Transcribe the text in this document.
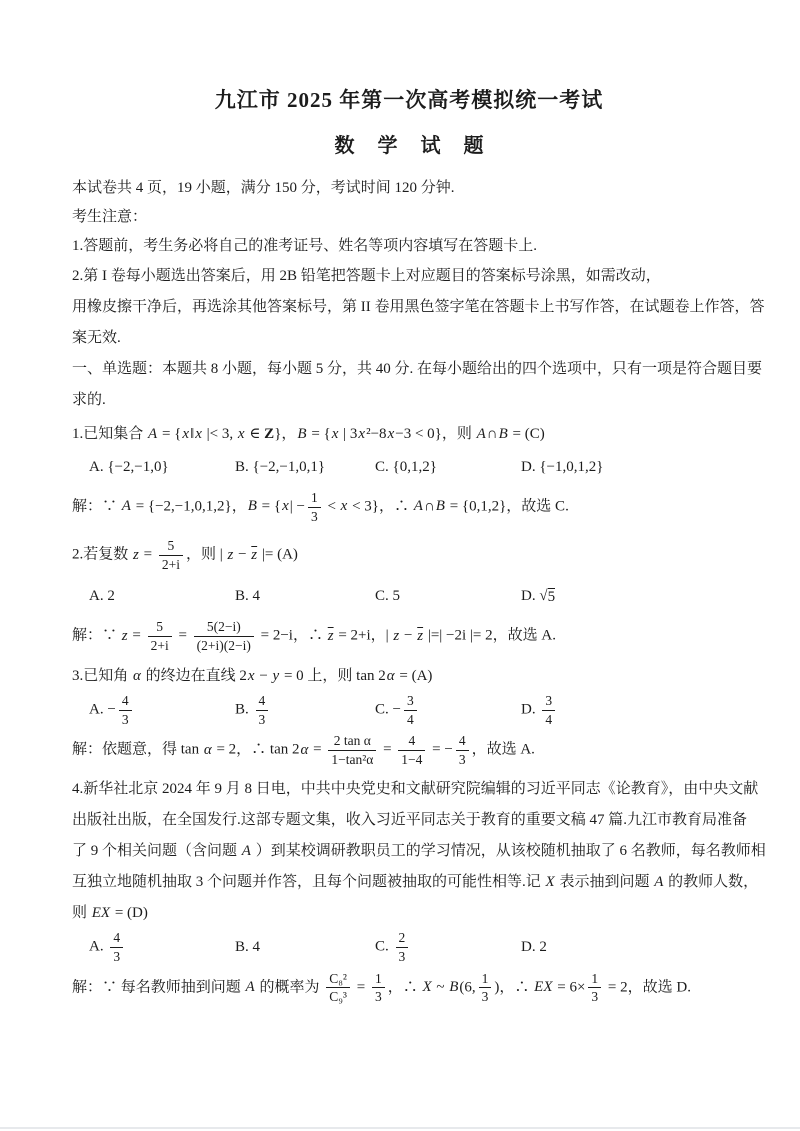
九江市 2025 年第一次高考模拟统一考试
数 学 试 题

本试卷共 4 页，19 小题，满分 150 分，考试时间 120 分钟.

考生注意：

1.答题前，考生务必将自己的准考证号、姓名等项内容填写在答题卡上.

2.第 I 卷每小题选出答案后，用 2B 铅笔把答题卡上对应题目的答案标号涂黑，如需改动，
用橡皮擦干净后，再选涂其他答案标号，第 II 卷用黑色签字笔在答题卡上书写作答，在试题卷上作答，答
案无效.
一、单选题：本题共 8 小题，每小题 5 分，共 40 分. 在每小题给出的四个选项中，只有一项是符合题目要
求的.
1.已知集合 A = {x‖x |< 3, x ∈ Z}，B = {x | 3x²−8x−3 < 0}，则 A∩B = (C)
A. {−2,−1,0}	B. {−2,−1,0,1}	C. {0,1,2}	D. {−1,0,1,2}
解：∵ A = {−2,−1,0,1,2}，$B = \{x| - \frac{1}{3} < x < 3\}$，∴ A∩B = {0,1,2}，故选 C.
2.若复数 $z = \frac{5}{2+i}$ ，则 | $z - \overline{z}$ |= (A)
A. 2	B. 4	C. 5	D. √ 5
解：∵ $z = \frac{5}{2+i} = \frac{5(2-i)}{(2+i)(2-i)} = 2-i$，∴ $\overline{z} = 2+i$，| $z - \overline{z}$ |=| −2i |= 2，故选 A.
3.已知角 α 的终边在直线 2x − y = 0 上，则 tan 2α = (A)
A. − $\frac{4}{3}$	B. $\frac{4}{3}$	C. − $\frac{3}{4}$	D. $\frac{3}{4}$
解：依题意，得 tan α = 2，∴ $\tan 2\alpha = \frac{\text{2 tan α}}{\text{1−tan²α}} = \frac{4}{1-4}$ = − $\frac{4}{3}$ ，故选 A.
4.新华社北京 2024 年 9 月 8 日电，中共中央党史和文献研究院编辑的习近平同志《论教育》，由中央文献
出版社出版，在全国发行.这部专题文集，收入习近平同志关于教育的重要文稿 47 篇.九江市教育局准备
了 9 个相关问题（含问题 A ）到某校调研教职员工的学习情况，从该校随机抽取了 6 名教师，每名教师相
互独立地随机抽取 3 个问题并作答，且每个问题被抽取的可能性相等.记 X 表示抽到问题 A 的教师人数，
则 EX = (D)
A. $\frac{4}{3}$	B. 4	C. $\frac{2}{3}$	D. 2
解：∵ 每名教师抽到问题 A 的概率为 $\frac{\text{C₈²}}{\text{C₉³}} = \frac{1}{3}$ ，∴ X ~ B(6, $\frac{1}{3}$ )，∴ EX = $6\times \frac{1}{3} = 2$，故选 D.
